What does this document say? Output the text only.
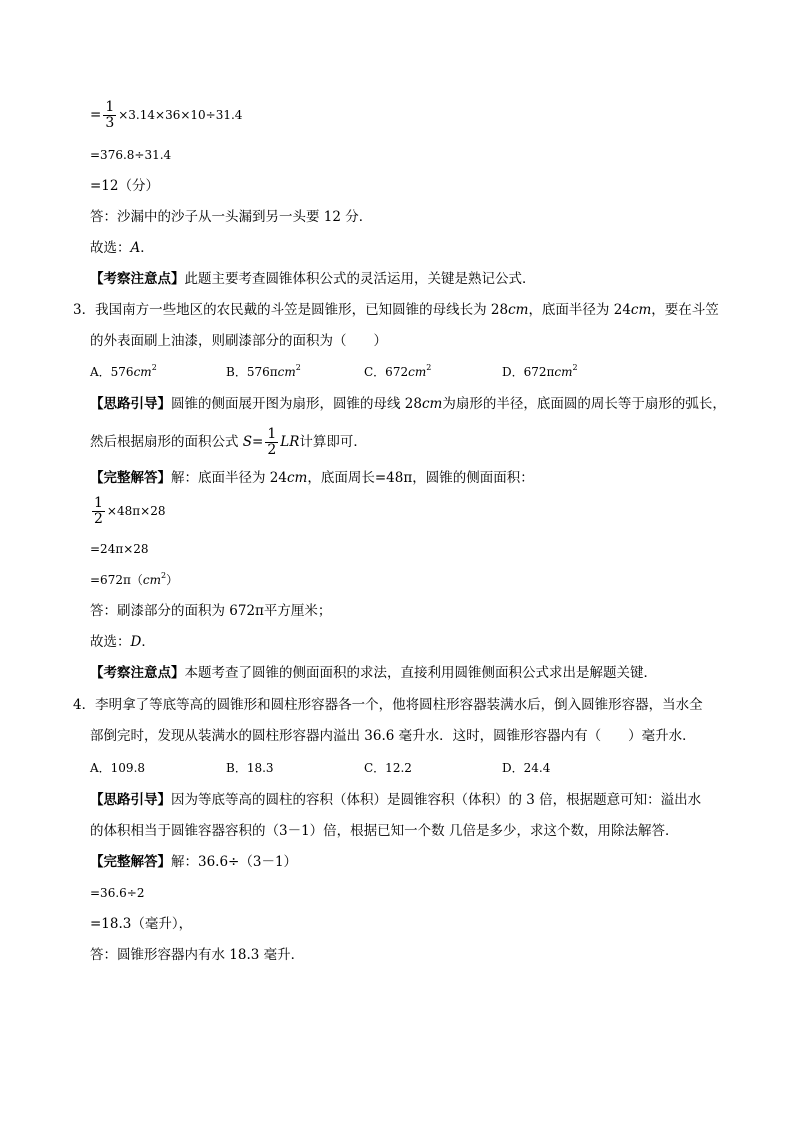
= $\frac{1}{3} \times 3.14\times 36\times 10\div 31.4$
=376.8÷31.4
=12（分）
答：沙漏中的沙子从一头漏到另一头要 12 分．
故选：A．
【考察注意点】此题主要考查圆锥体积公式的灵活运用，关键是熟记公式．
3．我国南方一些地区的农民戴的斗笠是圆锥形，已知圆锥的母线长为 28cm，底面半径为 24cm，要在斗笠
的外表面刷上油漆，则刷漆部分的面积为（　　）
A．$576cm^2$	B．576πcm$^2$	C．$672cm^2$	D．672πcm$^2$
【思路引导】圆锥的侧面展开图为扇形，圆锥的母线 28cm为扇形的半径，底面圆的周长等于扇形的弧长，
然后根据扇形的面积公式 $S= \frac{1}{2}$ LR计算即可．
【完整解答】解：底面半径为 24cm，底面周长=48π，圆锥的侧面面积：
$\frac{1}{2} \times 48\pi\times 28$
=24π×28
$=672\pi(cm^2)$
答：刷漆部分的面积为 672π平方厘米；
故选：D．
【考察注意点】本题考查了圆锥的侧面面积的求法，直接利用圆锥侧面积公式求出是解题关键．
4．李明拿了等底等高的圆锥形和圆柱形容器各一个，他将圆柱形容器装满水后，倒入圆锥形容器，当水全
部倒完时，发现从装满水的圆柱形容器内溢出 36.6 毫升水．这时，圆锥形容器内有（　　）毫升水．
A．109.8	B．18.3	C．12.2	D．24.4
【思路引导】因为等底等高的圆柱的容积（体积）是圆锥容积（体积）的 3 倍，根据题意可知：溢出水
的体积相当于圆锥容器容积的（3－1）倍，根据已知一个数 几倍是多少，求这个数，用除法解答．
【完整解答】解：36.6÷（3－1）
=36.6÷2
=18.3（毫升），
答：圆锥形容器内有水 18.3 毫升．
